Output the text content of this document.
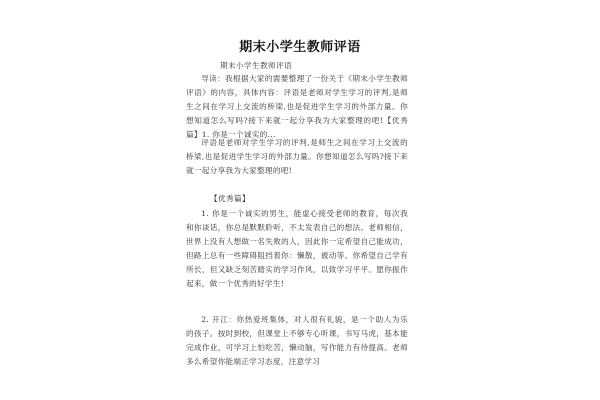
期末小学生教师评语
期末小学生教师评语
导读：我根据大家的需要整理了一份关于《期末小学生教师评语》的内容，具体内容：评语是老师对学生学习的评判,是师生之间在学习上交流的桥梁,也是促进学生学习的外部力量。你想知道怎么写吗?接下来就一起分享我为大家整理的吧!【优秀篇】1. 你是一个诚实的...
评语是老师对学生学习的评判,是师生之间在学习上交流的桥梁,也是促进学生学习的外部力量。你想知道怎么写吗?接下来就一起分享我为大家整理的吧!
【优秀篇】
1. 你是一个诚实的男生，能虚心接受老师的教育，每次我和你谈话，你总是默默聆听，不太发表自己的想法。老师相信，世界上没有人想做一名失败的人，因此你一定希望自己能成功，但路上总有一些障碍阻挡着你：懒散，被动等。你希望自己学有所长，但又缺乏刻苦踏实的学习作风，以致学习平平。愿你振作起来，做一个优秀的好学生!
2. 开江：你热爱班集体，对人很有礼貌，是一个助人为乐的孩子。按时到校，但课堂上不够专心听课，书写马虎，基本能完成作业，可学习上怕吃苦，懒动脑，写作能力有待提高。老师多么希望你能端正学习态度，注意学习
